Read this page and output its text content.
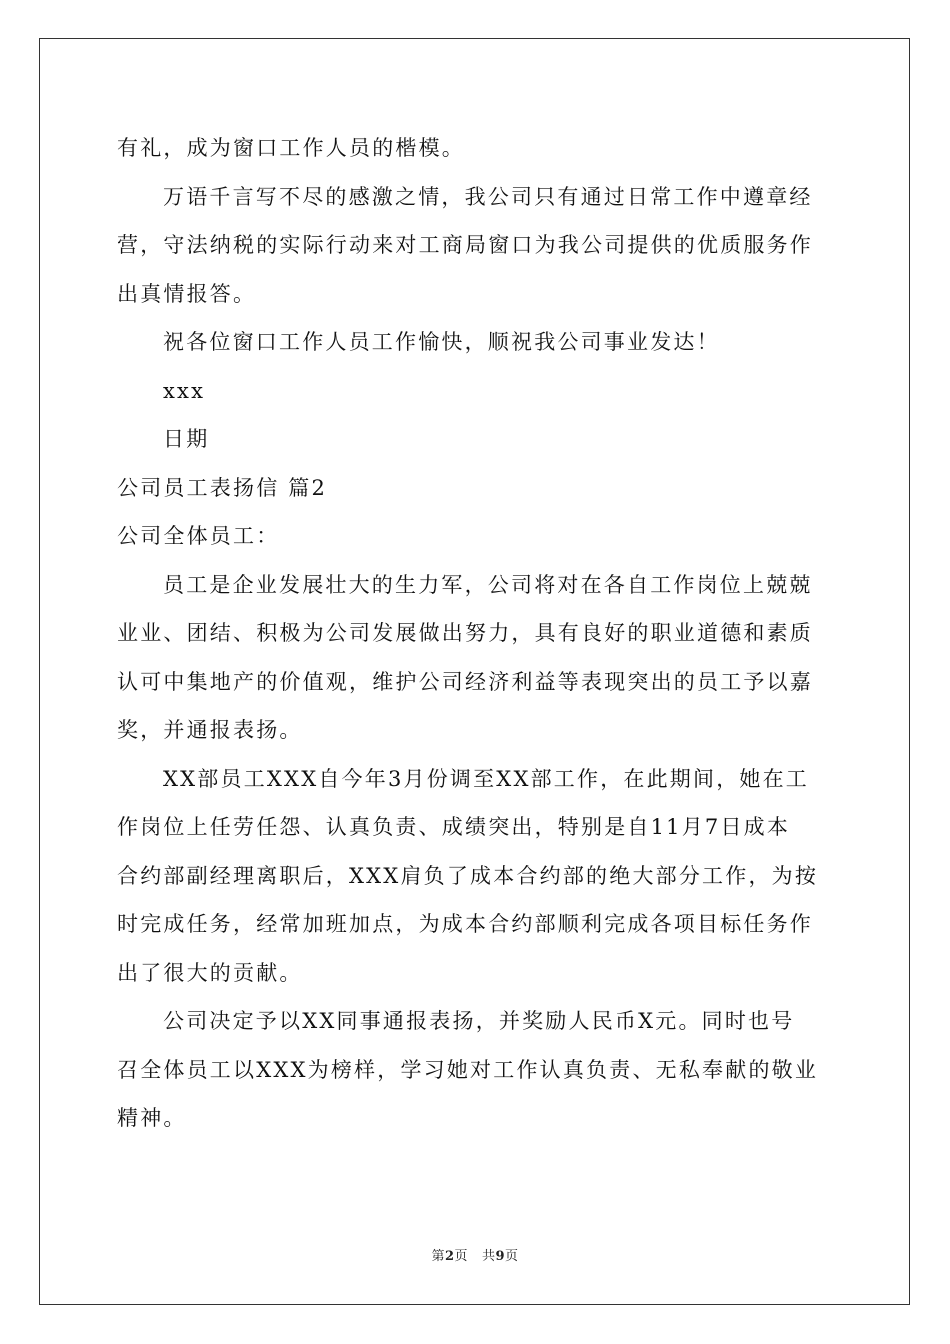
有礼，成为窗口工作人员的楷模。
万语千言写不尽的感激之情，我公司只有通过日常工作中遵章经
营，守法纳税的实际行动来对工商局窗口为我公司提供的优质服务作
出真情报答。
祝各位窗口工作人员工作愉快，顺祝我公司事业发达！
xxx
日期
公司员工表扬信 篇2
公司全体员工：
员工是企业发展壮大的生力军，公司将对在各自工作岗位上兢兢
业业、团结、积极为公司发展做出努力，具有良好的职业道德和素质
认可中集地产的价值观，维护公司经济利益等表现突出的员工予以嘉
奖，并通报表扬。
XX部员工XXX自今年3月份调至XX部工作，在此期间，她在工
作岗位上任劳任怨、认真负责、成绩突出，特别是自11月7日成本
合约部副经理离职后，XXX肩负了成本合约部的绝大部分工作，为按
时完成任务，经常加班加点，为成本合约部顺利完成各项目标任务作
出了很大的贡献。
公司决定予以XX同事通报表扬，并奖励人民币X元。同时也号
召全体员工以XXX为榜样，学习她对工作认真负责、无私奉献的敬业
精神。
第2页 共9页
